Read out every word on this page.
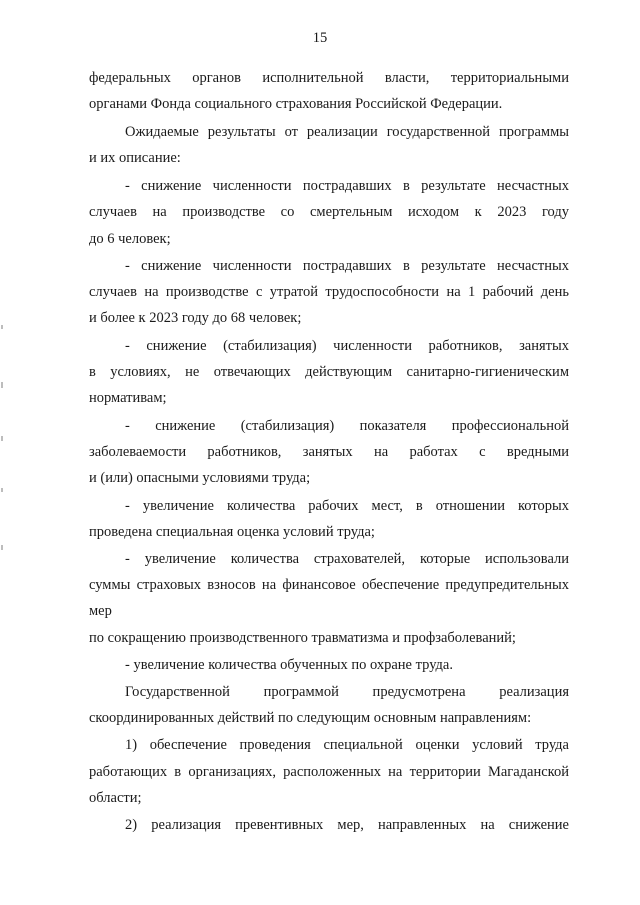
15
федеральных органов исполнительной власти, территориальными
органами Фонда социального страхования Российской Федерации.
Ожидаемые результаты от реализации государственной программы
и их описание:
- снижение численности пострадавших в результате несчастных
случаев на производстве со смертельным исходом к 2023 году
до 6 человек;
- снижение численности пострадавших в результате несчастных
случаев на производстве с утратой трудоспособности на 1 рабочий день
и более к 2023 году до 68 человек;
- снижение (стабилизация) численности работников, занятых
в условиях, не отвечающих действующим санитарно-гигиеническим
нормативам;
- снижение (стабилизация) показателя профессиональной
заболеваемости работников, занятых на работах с вредными
и (или) опасными условиями труда;
- увеличение количества рабочих мест, в отношении которых
проведена специальная оценка условий труда;
- увеличение количества страхователей, которые использовали
суммы страховых взносов на финансовое обеспечение предупредительных
мер
по сокращению производственного травматизма и профзаболеваний;
- увеличение количества обученных по охране труда.
Государственной программой предусмотрена реализация
скоординированных действий по следующим основным направлениям:
1) обеспечение проведения специальной оценки условий труда
работающих в организациях, расположенных на территории Магаданской
области;
2) реализация превентивных мер, направленных на снижение
